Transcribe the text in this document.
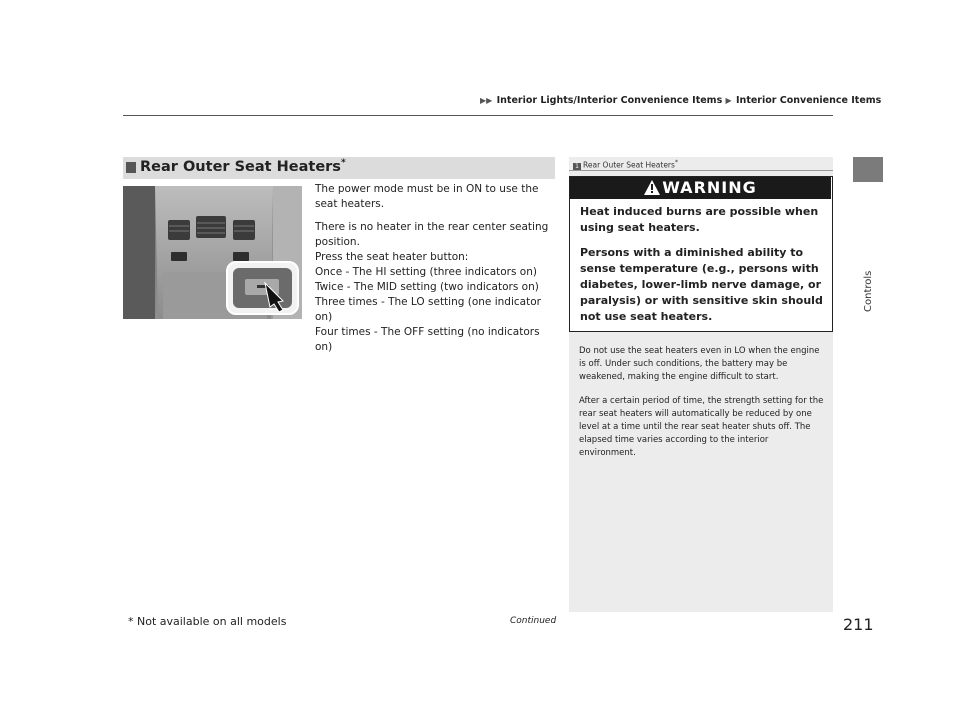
▶▶ Interior Lights/Interior Convenience Items ▶ Interior Convenience Items
Controls
Rear Outer Seat Heaters*

The power mode must be in ON to use the seat heaters.

There is no heater in the rear center seating position.
Press the seat heater button:
Once - The HI setting (three indicators on)
Twice - The MID setting (two indicators on)
Three times - The LO setting (one indicator on)
Four times - The OFF setting (no indicators on)
1 Rear Outer Seat Heaters*
WARNING

Heat induced burns are possible when using seat heaters.

Persons with a diminished ability to sense temperature (e.g., persons with diabetes, lower-limb nerve damage, or paralysis) or with sensitive skin should not use seat heaters.

Do not use the seat heaters even in LO when the engine is off. Under such conditions, the battery may be weakened, making the engine difficult to start.

After a certain period of time, the strength setting for the rear seat heaters will automatically be reduced by one level at a time until the rear seat heater shuts off. The elapsed time varies according to the interior environment.

* Not available on all models	Continued	211
